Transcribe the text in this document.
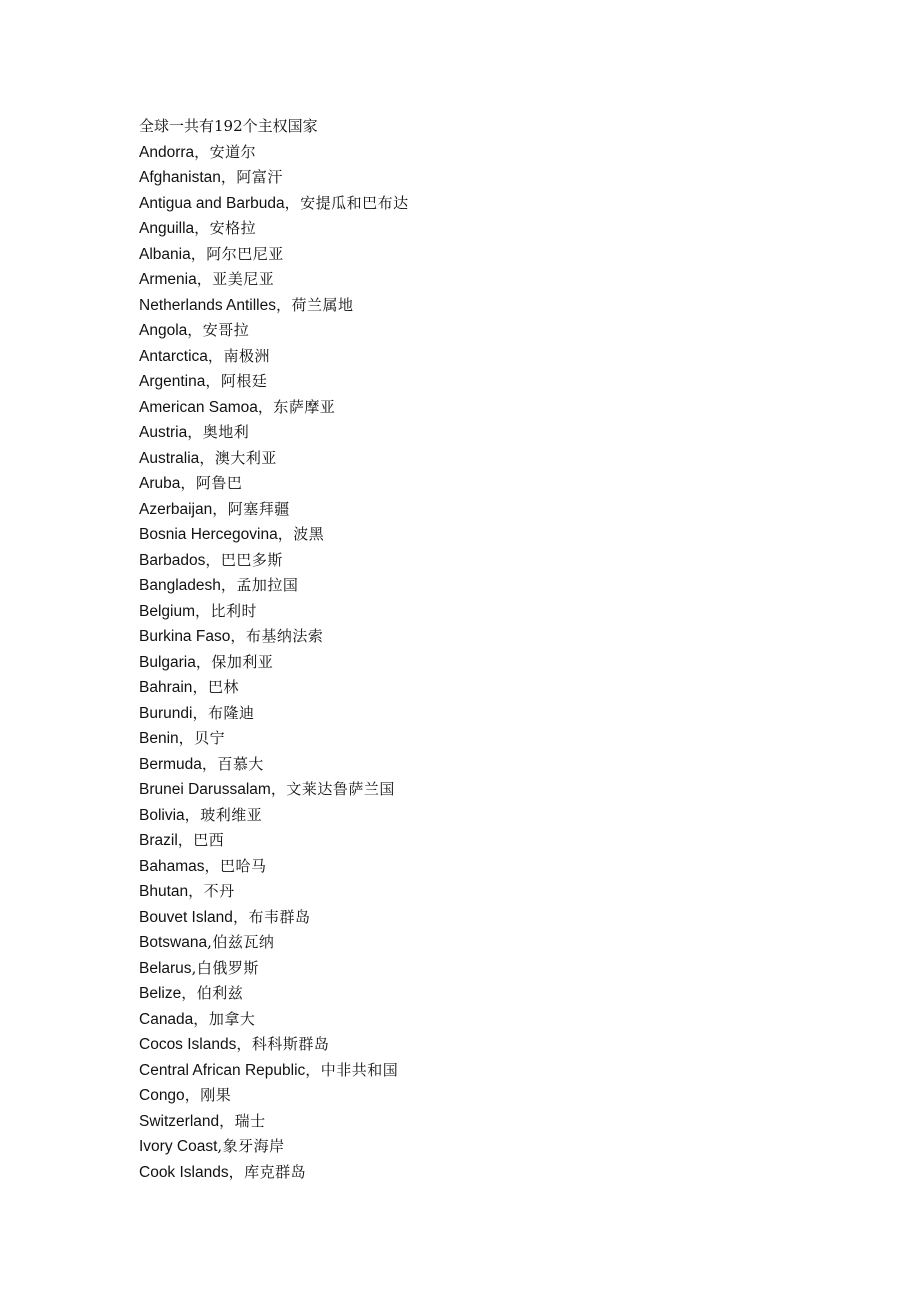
全球一共有192个主权国家
Andorra，安道尔
Afghanistan，阿富汗
Antigua and Barbuda，安提瓜和巴布达
Anguilla，安格拉
Albania，阿尔巴尼亚
Armenia，亚美尼亚
Netherlands Antilles，荷兰属地
Angola，安哥拉
Antarctica，南极洲
Argentina，阿根廷
American Samoa，东萨摩亚
Austria，奥地利
Australia，澳大利亚
Aruba，阿鲁巴
Azerbaijan，阿塞拜疆
Bosnia Hercegovina，波黑
Barbados，巴巴多斯
Bangladesh，孟加拉国
Belgium，比利时
Burkina Faso，布基纳法索
Bulgaria，保加利亚
Bahrain，巴林
Burundi，布隆迪
Benin，贝宁
Bermuda，百慕大
Brunei Darussalam，文莱达鲁萨兰国
Bolivia，玻利维亚
Brazil，巴西
Bahamas，巴哈马
Bhutan，不丹
Bouvet Island，布韦群岛
Botswana,伯兹瓦纳
Belarus,白俄罗斯
Belize，伯利兹
Canada，加拿大
Cocos Islands，科科斯群岛
Central African Republic，中非共和国
Congo，刚果
Switzerland，瑞士
Ivory Coast,象牙海岸
Cook Islands，库克群岛
